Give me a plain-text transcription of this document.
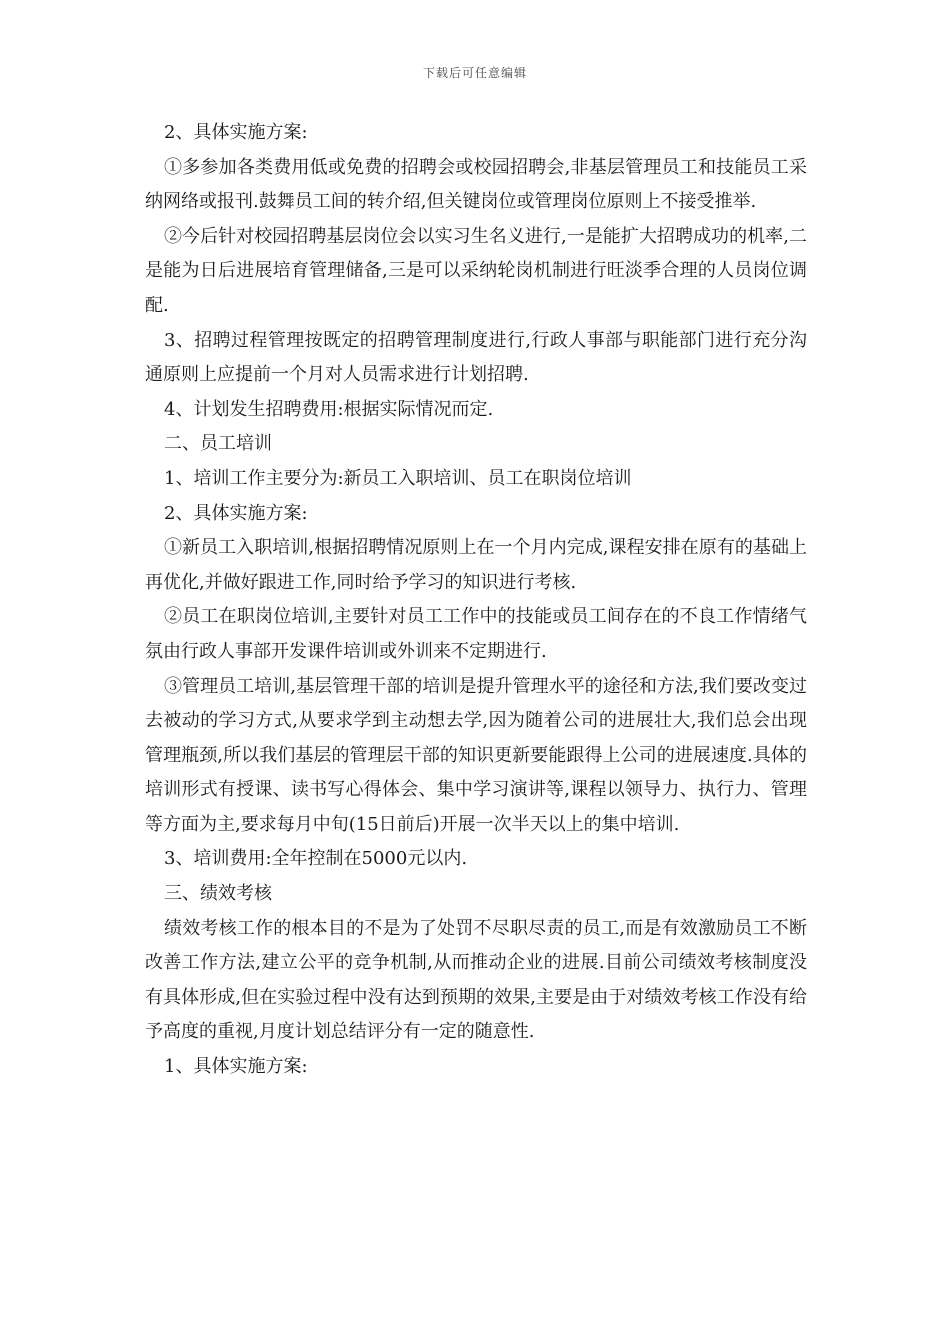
下载后可任意编辑

2、具体实施方案:

①多参加各类费用低或免费的招聘会或校园招聘会,非基层管理员工和技能员工采纳网络或报刊.鼓舞员工间的转介绍,但关键岗位或管理岗位原则上不接受推举.

②今后针对校园招聘基层岗位会以实习生名义进行,一是能扩大招聘成功的机率,二是能为日后进展培育管理储备,三是可以采纳轮岗机制进行旺淡季合理的人员岗位调配.

3、招聘过程管理按既定的招聘管理制度进行,行政人事部与职能部门进行充分沟通原则上应提前一个月对人员需求进行计划招聘.

4、计划发生招聘费用:根据实际情况而定.

二、员工培训

1、培训工作主要分为:新员工入职培训、员工在职岗位培训

2、具体实施方案:

①新员工入职培训,根据招聘情况原则上在一个月内完成,课程安排在原有的基础上再优化,并做好跟进工作,同时给予学习的知识进行考核.

②员工在职岗位培训,主要针对员工工作中的技能或员工间存在的不良工作情绪气氛由行政人事部开发课件培训或外训来不定期进行.

③管理员工培训,基层管理干部的培训是提升管理水平的途径和方法,我们要改变过去被动的学习方式,从要求学到主动想去学,因为随着公司的进展壮大,我们总会出现管理瓶颈,所以我们基层的管理层干部的知识更新要能跟得上公司的进展速度.具体的培训形式有授课、读书写心得体会、集中学习演讲等,课程以领导力、执行力、管理等方面为主,要求每月中旬(15日前后)开展一次半天以上的集中培训.

3、培训费用:全年控制在5000元以内.

三、绩效考核

绩效考核工作的根本目的不是为了处罚不尽职尽责的员工,而是有效激励员工不断改善工作方法,建立公平的竞争机制,从而推动企业的进展.目前公司绩效考核制度没有具体形成,但在实验过程中没有达到预期的效果,主要是由于对绩效考核工作没有给予高度的重视,月度计划总结评分有一定的随意性.

1、具体实施方案:
